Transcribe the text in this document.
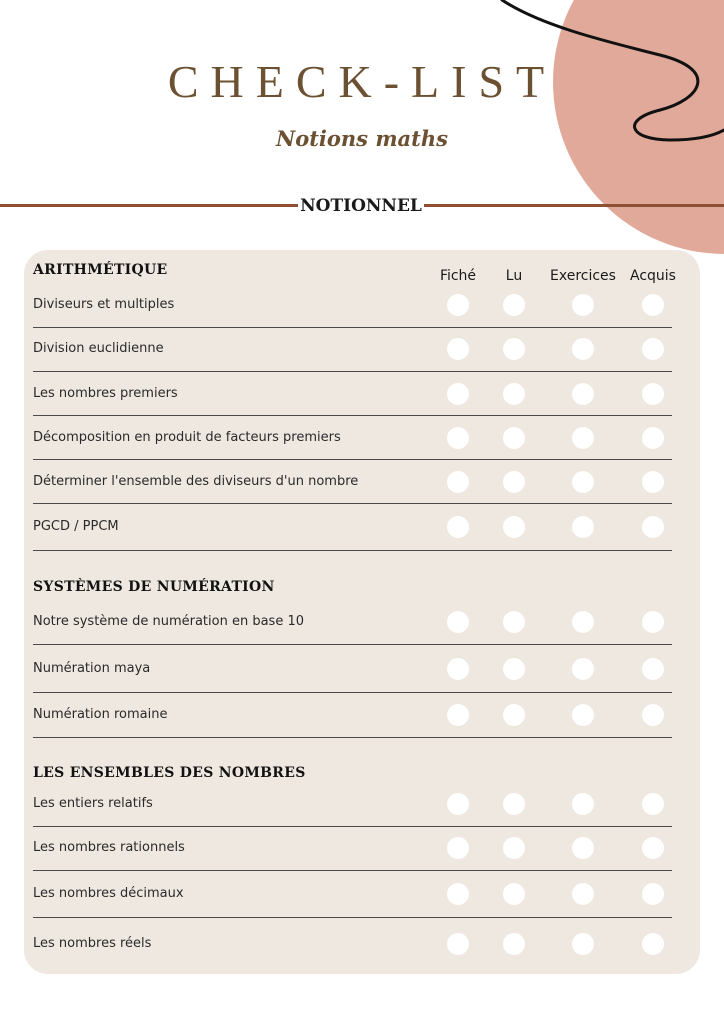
CHECK-LIST
Notions maths
NOTIONNEL
Fiché	Lu	Exercices	Acquis
ARITHMÉTIQUE
Diviseurs et multiples
Division euclidienne
Les nombres premiers
Décomposition en produit de facteurs premiers
Déterminer l'ensemble des diviseurs d'un nombre
PGCD / PPCM
SYSTÈMES DE NUMÉRATION
Notre système de numération en base 10
Numération maya
Numération romaine
LES ENSEMBLES DES NOMBRES
Les entiers relatifs
Les nombres rationnels
Les nombres décimaux
Les nombres réels
